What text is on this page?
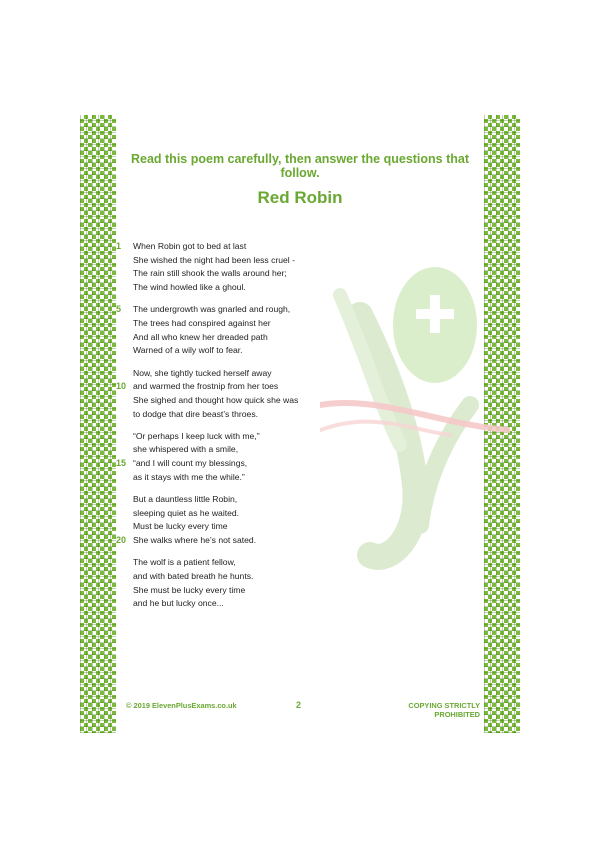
Read this poem carefully, then answer the questions that follow.
Red Robin
1	When Robin got to bed at last
She wished the night had been less cruel -
The rain still shook the walls around her;
The wind howled like a ghoul.
5	The undergrowth was gnarled and rough,
The trees had conspired against her
And all who knew her dreaded path
Warned of a wily wolf to fear.
Now, she tightly tucked herself away
10 and warmed the frostnip from her toes
She sighed and thought how quick she was
to dodge that dire beast’s throes.
“Or perhaps I keep luck with me,”
she whispered with a smile,
15 “and I will count my blessings,
as it stays with me the while.”
But a dauntless little Robin,
sleeping quiet as he waited.
Must be lucky every time
20 She walks where he’s not sated.
The wolf is a patient fellow,
and with bated breath he hunts.
She must be lucky every time
and he but lucky once...
© 2019 ElevenPlusExams.co.uk	2	COPYING STRICTLY PROHIBITED
